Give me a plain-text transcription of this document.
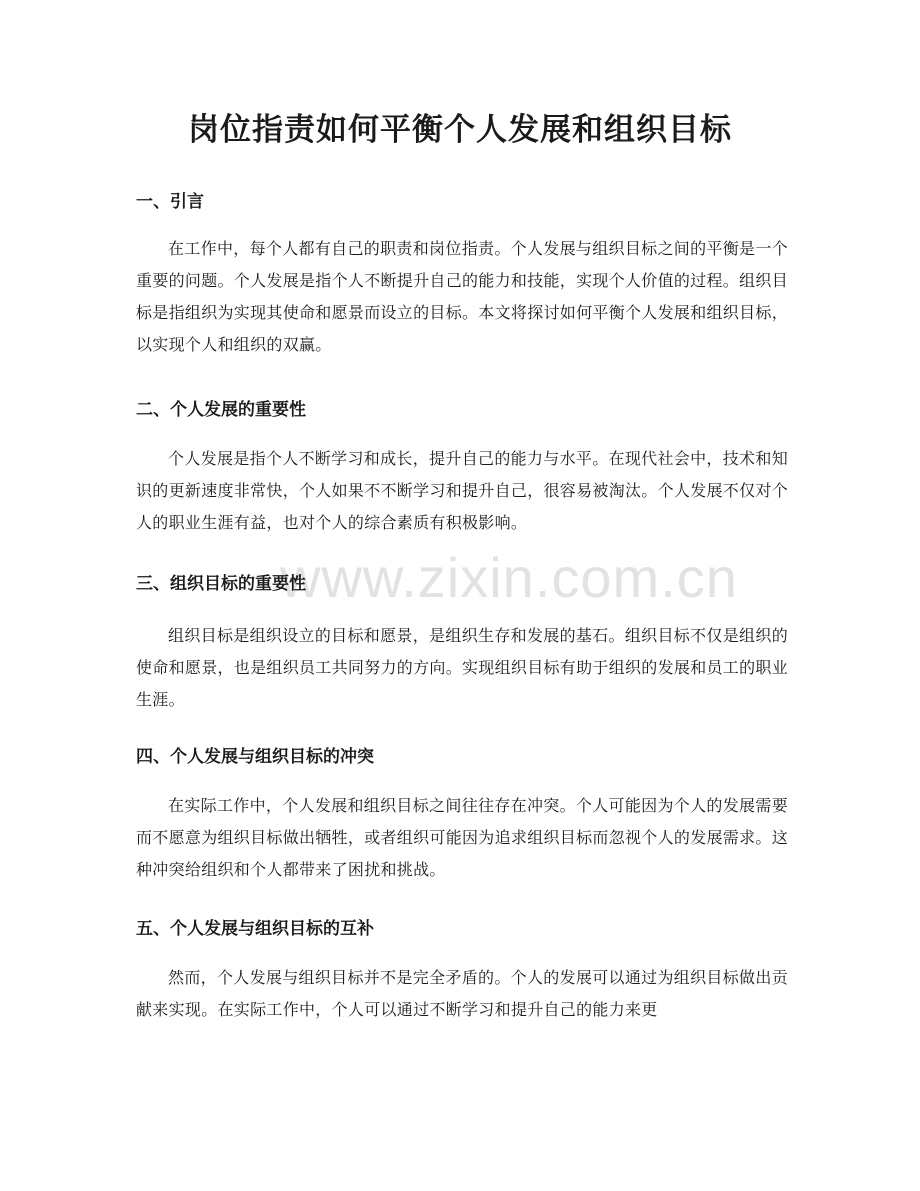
www.zixin.com.cn
岗位指责如何平衡个人发展和组织目标
一、引言

在工作中，每个人都有自己的职责和岗位指责。个人发展与组织目标之间的平衡是一个重要的问题。个人发展是指个人不断提升自己的能力和技能，实现个人价值的过程。组织目标是指组织为实现其使命和愿景而设立的目标。本文将探讨如何平衡个人发展和组织目标，以实现个人和组织的双赢。

二、个人发展的重要性

个人发展是指个人不断学习和成长，提升自己的能力与水平。在现代社会中，技术和知识的更新速度非常快，个人如果不不断学习和提升自己，很容易被淘汰。个人发展不仅对个人的职业生涯有益，也对个人的综合素质有积极影响。

三、组织目标的重要性

组织目标是组织设立的目标和愿景，是组织生存和发展的基石。组织目标不仅是组织的使命和愿景，也是组织员工共同努力的方向。实现组织目标有助于组织的发展和员工的职业生涯。

四、个人发展与组织目标的冲突

在实际工作中，个人发展和组织目标之间往往存在冲突。个人可能因为个人的发展需要而不愿意为组织目标做出牺牲，或者组织可能因为追求组织目标而忽视个人的发展需求。这种冲突给组织和个人都带来了困扰和挑战。

五、个人发展与组织目标的互补

然而，个人发展与组织目标并不是完全矛盾的。个人的发展可以通过为组织目标做出贡献来实现。在实际工作中，个人可以通过不断学习和提升自己的能力来更
